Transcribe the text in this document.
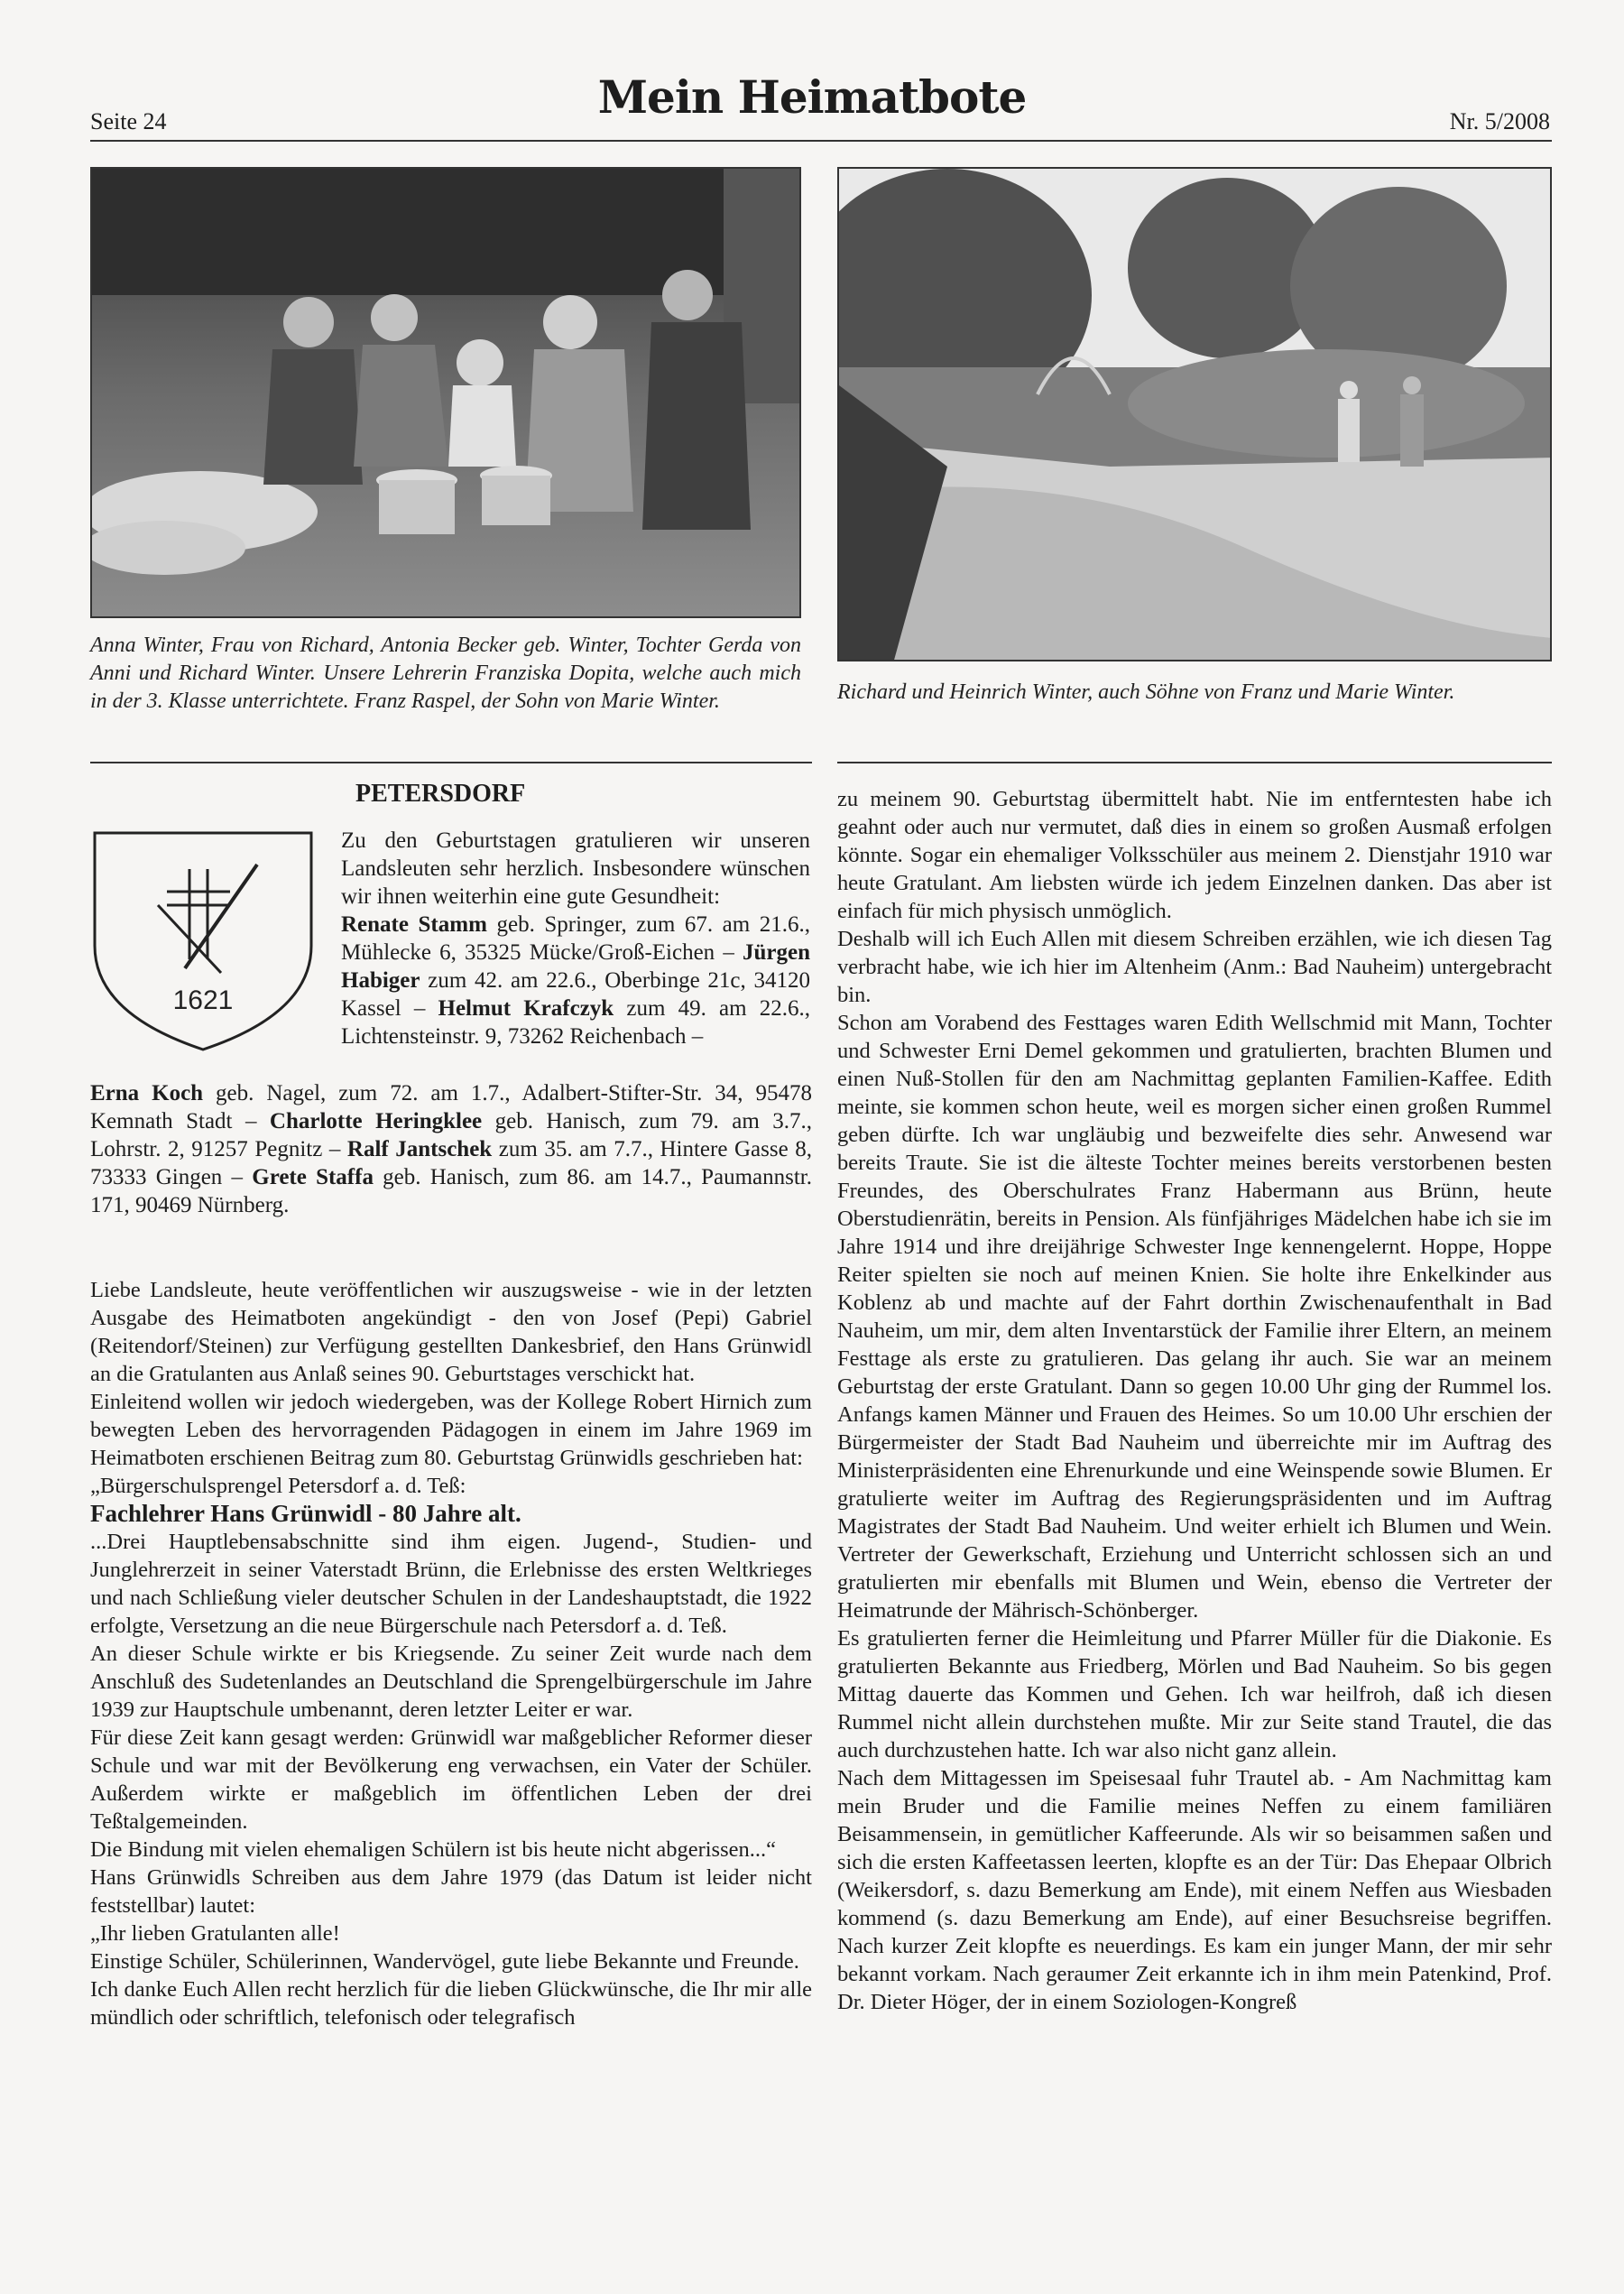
Seite 24	Mein Heimatbote	Nr. 5/2008
Anna Winter, Frau von Richard, Antonia Becker geb. Winter, Tochter Gerda von Anni und Richard Winter. Unsere Lehrerin Franziska Dopita, welche auch mich in der 3. Klasse unterrichtete. Franz Raspel, der Sohn von Marie Winter.	Richard und Heinrich Winter, auch Söhne von Franz und Marie Winter.
PETERSDORF
1621
Zu den Geburtstagen gratulieren wir unseren Landsleuten sehr herzlich. Insbesondere wünschen wir ihnen weiterhin eine gute Gesundheit:
Renate Stamm geb. Springer, zum 67. am 21.6., Mühlecke 6, 35325 Mücke/Groß-Eichen – Jürgen Habiger zum 42. am 22.6., Oberbinge 21c, 34120 Kassel – Helmut Krafczyk zum 49. am 22.6., Lichtensteinstr. 9, 73262 Reichenbach –
Erna Koch geb. Nagel, zum 72. am 1.7., Adalbert-Stifter-Str. 34, 95478 Kemnath Stadt – Charlotte Heringklee geb. Hanisch, zum 79. am 3.7., Lohrstr. 2, 91257 Pegnitz – Ralf Jantschek zum 35. am 7.7., Hintere Gasse 8, 73333 Gingen – Grete Staffa geb. Hanisch, zum 86. am 14.7., Paumannstr. 171, 90469 Nürnberg.

Liebe Landsleute, heute veröffentlichen wir auszugsweise - wie in der letzten Ausgabe des Heimatboten angekündigt - den von Josef (Pepi) Gabriel (Reitendorf/Steinen) zur Verfügung gestellten Dankesbrief, den Hans Grünwidl an die Gratulanten aus Anlaß seines 90. Geburtstages verschickt hat.

Einleitend wollen wir jedoch wiedergeben, was der Kollege Robert Hirnich zum bewegten Leben des hervorragenden Pädagogen in einem im Jahre 1969 im Heimatboten erschienen Beitrag zum 80. Geburtstag Grünwidls geschrieben hat:

„Bürgerschulsprengel Petersdorf a. d. Teß:

Fachlehrer Hans Grünwidl - 80 Jahre alt.

...Drei Hauptlebensabschnitte sind ihm eigen. Jugend-, Studien- und Junglehrerzeit in seiner Vaterstadt Brünn, die Erlebnisse des ersten Weltkrieges und nach Schließung vieler deutscher Schulen in der Landeshauptstadt, die 1922 erfolgte, Versetzung an die neue Bürgerschule nach Petersdorf a. d. Teß.

An dieser Schule wirkte er bis Kriegsende. Zu seiner Zeit wurde nach dem Anschluß des Sudetenlandes an Deutschland die Sprengelbürgerschule im Jahre 1939 zur Hauptschule umbenannt, deren letzter Leiter er war.

Für diese Zeit kann gesagt werden: Grünwidl war maßgeblicher Reformer dieser Schule und war mit der Bevölkerung eng verwachsen, ein Vater der Schüler. Außerdem wirkte er maßgeblich im öffentlichen Leben der drei Teßtalgemeinden.

Die Bindung mit vielen ehemaligen Schülern ist bis heute nicht abgerissen...“

Hans Grünwidls Schreiben aus dem Jahre 1979 (das Datum ist leider nicht feststellbar) lautet:

„Ihr lieben Gratulanten alle!

Einstige Schüler, Schülerinnen, Wandervögel, gute liebe Bekannte und Freunde.

Ich danke Euch Allen recht herzlich für die lieben Glückwünsche, die Ihr mir alle mündlich oder schriftlich, telefonisch oder telegrafisch

zu meinem 90. Geburtstag übermittelt habt. Nie im entferntesten habe ich geahnt oder auch nur vermutet, daß dies in einem so großen Ausmaß erfolgen könnte. Sogar ein ehemaliger Volksschüler aus meinem 2. Dienstjahr 1910 war heute Gratulant. Am liebsten würde ich jedem Einzelnen danken. Das aber ist einfach für mich physisch unmöglich.

Deshalb will ich Euch Allen mit diesem Schreiben erzählen, wie ich diesen Tag verbracht habe, wie ich hier im Altenheim (Anm.: Bad Nauheim) untergebracht bin.

Schon am Vorabend des Festtages waren Edith Wellschmid mit Mann, Tochter und Schwester Erni Demel gekommen und gratulierten, brachten Blumen und einen Nuß-Stollen für den am Nachmittag geplanten Familien-Kaffee. Edith meinte, sie kommen schon heute, weil es morgen sicher einen großen Rummel geben dürfte. Ich war ungläubig und bezweifelte dies sehr. Anwesend war bereits Traute. Sie ist die älteste Tochter meines bereits verstorbenen besten Freundes, des Oberschulrates Franz Habermann aus Brünn, heute Oberstudienrätin, bereits in Pension. Als fünfjähriges Mädelchen habe ich sie im Jahre 1914 und ihre dreijährige Schwester Inge kennengelernt. Hoppe, Hoppe Reiter spielten sie noch auf meinen Knien. Sie holte ihre Enkelkinder aus Koblenz ab und machte auf der Fahrt dorthin Zwischenaufenthalt in Bad Nauheim, um mir, dem alten Inventarstück der Familie ihrer Eltern, an meinem Festtage als erste zu gratulieren. Das gelang ihr auch. Sie war an meinem Geburtstag der erste Gratulant. Dann so gegen 10.00 Uhr ging der Rummel los. Anfangs kamen Männer und Frauen des Heimes. So um 10.00 Uhr erschien der Bürgermeister der Stadt Bad Nauheim und überreichte mir im Auftrag des Ministerpräsidenten eine Ehrenurkunde und eine Weinspende sowie Blumen. Er gratulierte weiter im Auftrag des Regierungspräsidenten und im Auftrag Magistrates der Stadt Bad Nauheim. Und weiter erhielt ich Blumen und Wein. Vertreter der Gewerkschaft, Erziehung und Unterricht schlossen sich an und gratulierten mir ebenfalls mit Blumen und Wein, ebenso die Vertreter der Heimatrunde der Mährisch-Schönberger.

Es gratulierten ferner die Heimleitung und Pfarrer Müller für die Diakonie. Es gratulierten Bekannte aus Friedberg, Mörlen und Bad Nauheim. So bis gegen Mittag dauerte das Kommen und Gehen. Ich war heilfroh, daß ich diesen Rummel nicht allein durchstehen mußte. Mir zur Seite stand Trautel, die das auch durchzustehen hatte. Ich war also nicht ganz allein.

Nach dem Mittagessen im Speisesaal fuhr Trautel ab. - Am Nachmittag kam mein Bruder und die Familie meines Neffen zu einem familiären Beisammensein, in gemütlicher Kaffeerunde. Als wir so beisammen saßen und sich die ersten Kaffeetassen leerten, klopfte es an der Tür: Das Ehepaar Olbrich (Weikersdorf, s. dazu Bemerkung am Ende), mit einem Neffen aus Wiesbaden kommend (s. dazu Bemerkung am Ende), auf einer Besuchsreise begriffen. Nach kurzer Zeit klopfte es neuerdings. Es kam ein junger Mann, der mir sehr bekannt vorkam. Nach geraumer Zeit erkannte ich in ihm mein Patenkind, Prof. Dr. Dieter Höger, der in einem Soziologen-Kongreß
